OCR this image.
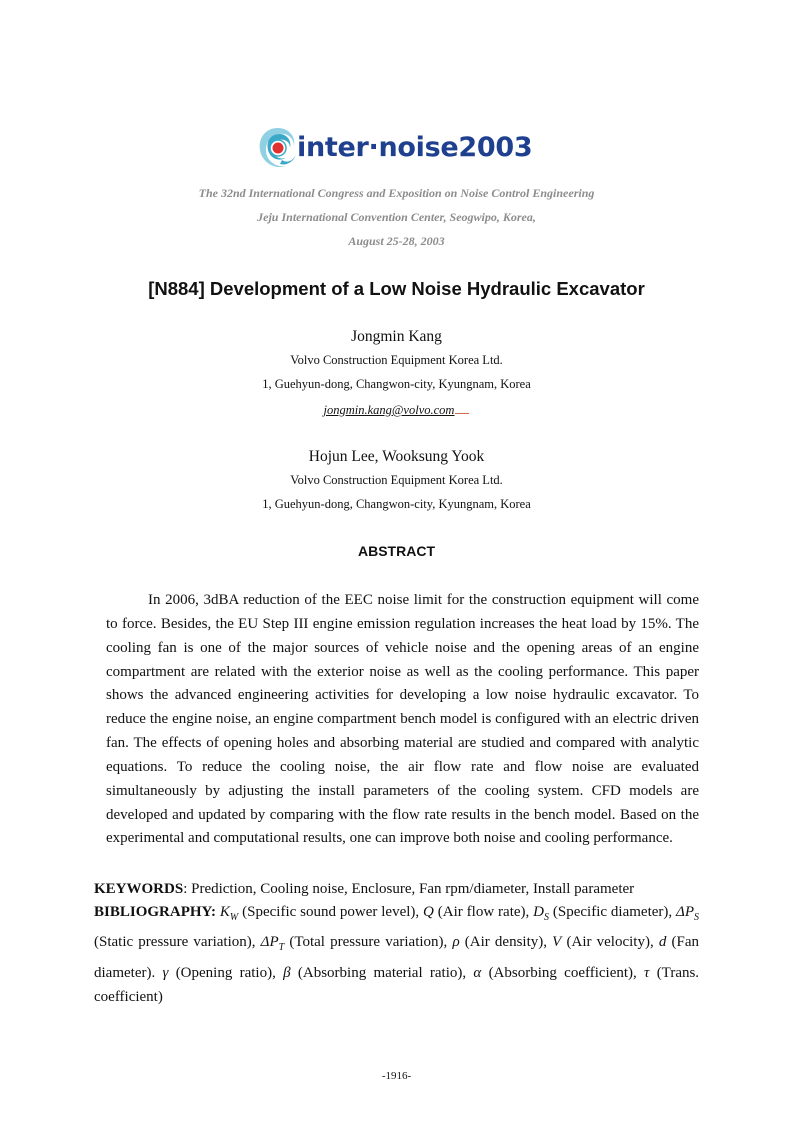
inter·noise2003
The 32nd International Congress and Exposition on Noise Control Engineering
Jeju International Convention Center, Seogwipo, Korea,
August 25-28, 2003
[N884] Development of a Low Noise Hydraulic Excavator
Jongmin Kang
Volvo Construction Equipment Korea Ltd.
1, Guehyun-dong, Changwon-city, Kyungnam, Korea
jongmin.kang@volvo.com
Hojun Lee, Wooksung Yook
Volvo Construction Equipment Korea Ltd.
1, Guehyun-dong, Changwon-city, Kyungnam, Korea
ABSTRACT

In 2006, 3dBA reduction of the EEC noise limit for the construction equipment will come to force. Besides, the EU Step III engine emission regulation increases the heat load by 15%. The cooling fan is one of the major sources of vehicle noise and the opening areas of an engine compartment are related with the exterior noise as well as the cooling performance. This paper shows the advanced engineering activities for developing a low noise hydraulic excavator. To reduce the engine noise, an engine compartment bench model is configured with an electric driven fan. The effects of opening holes and absorbing material are studied and compared with analytic equations. To reduce the cooling noise, the air flow rate and flow noise are evaluated simultaneously by adjusting the install parameters of the cooling system. CFD models are developed and updated by comparing with the flow rate results in the bench model. Based on the experimental and computational results, one can improve both noise and cooling performance.

KEYWORDS: Prediction, Cooling noise, Enclosure, Fan rpm/diameter, Install parameter

BIBLIOGRAPHY: $K_W$ (Specific sound power level), Q (Air flow rate), $D_S$ (Specific diameter), $\Delta P_S$ (Static pressure variation), $\Delta P_T$ (Total pressure variation), ρ (Air density), V (Air velocity), d (Fan diameter). γ (Opening ratio), β (Absorbing material ratio), α (Absorbing coefficient), τ (Trans. coefficient)

-1916-
